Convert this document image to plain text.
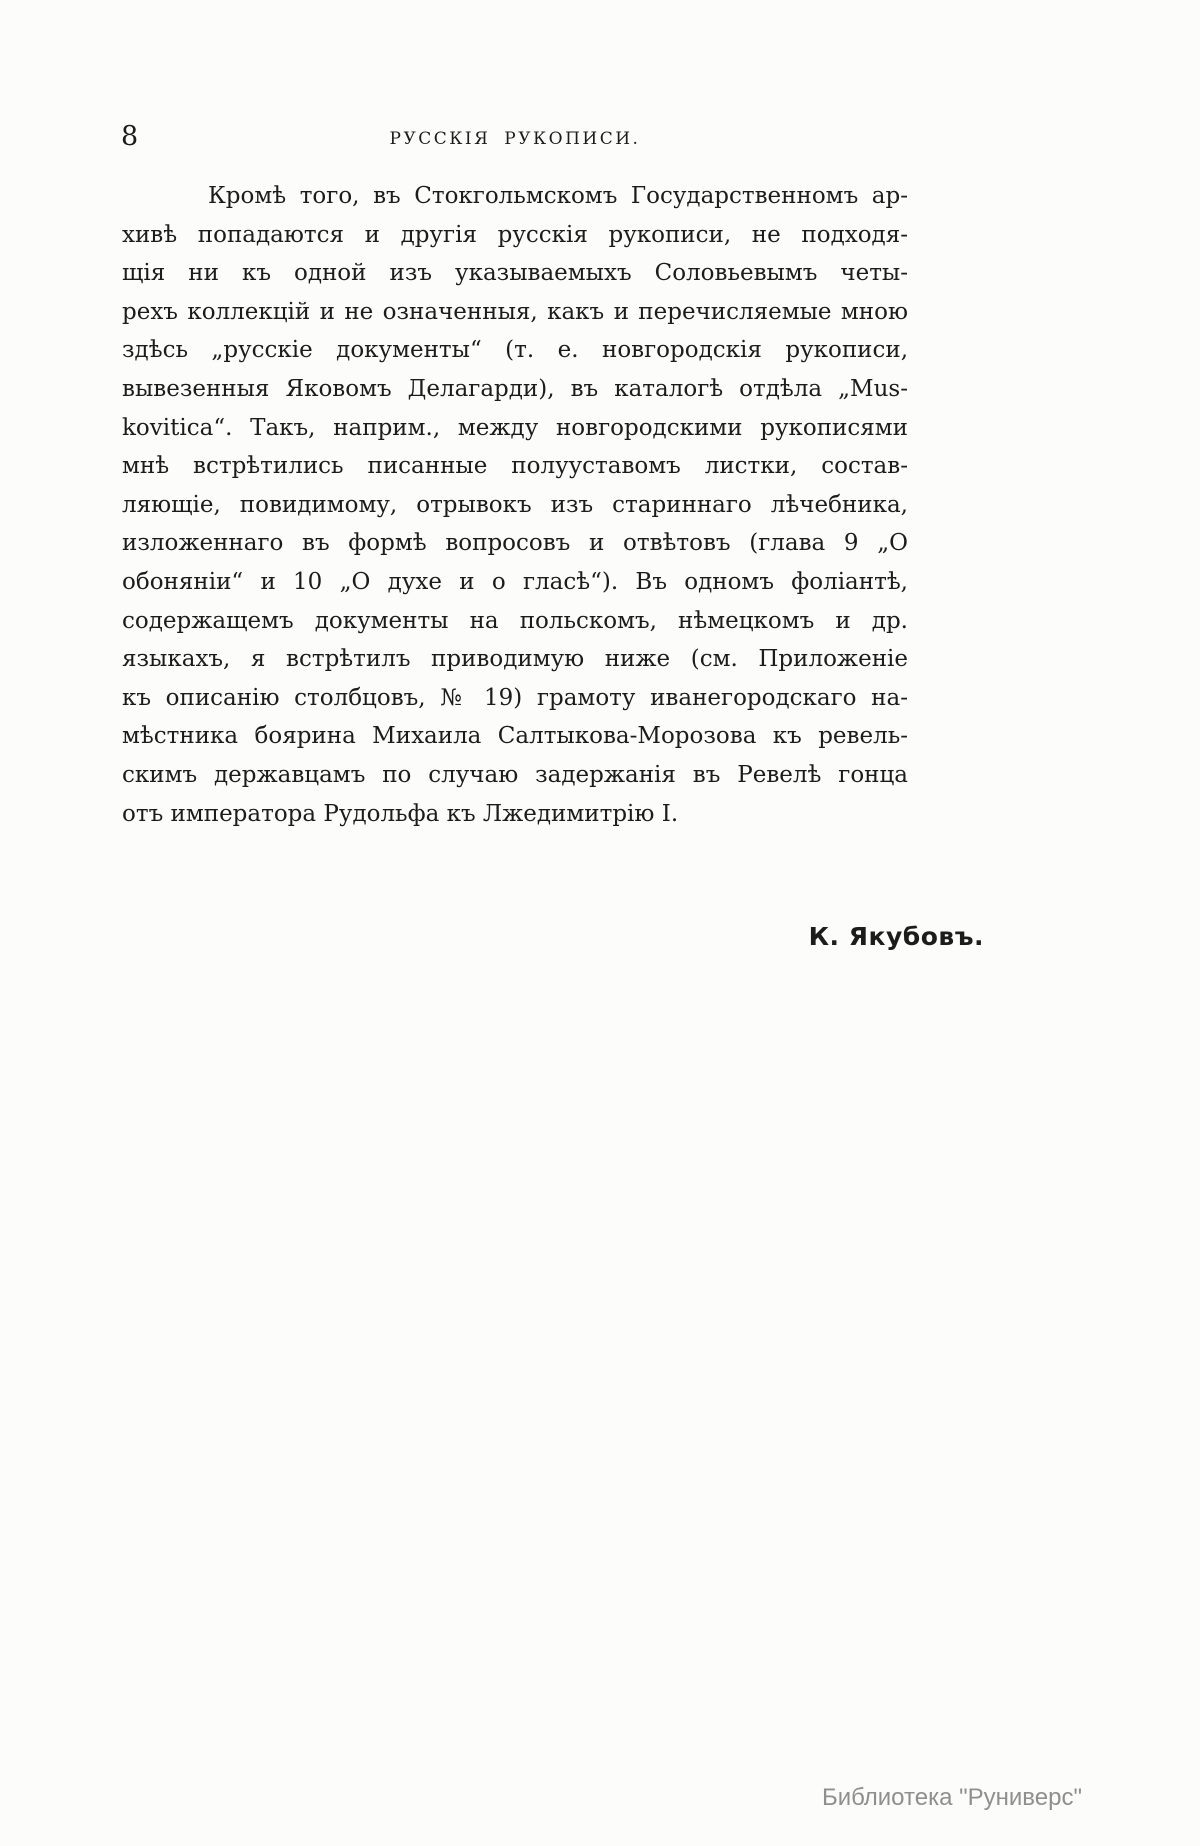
8	РУССКІЯ РУКОПИСИ.
Кромѣ того, въ Стокгольмскомъ Государственномъ ар-
хивѣ попадаются и другія русскія рукописи, не подходя-
щія ни къ одной изъ указываемыхъ Соловьевымъ четы-
рехъ коллекцій и не означенныя, какъ и перечисляемые мною
здѣсь „русскіе документы“ (т. е. новгородскія рукописи,
вывезенныя Яковомъ Делагарди), въ каталогѣ отдѣла „Mus-
kovitica“. Такъ, наприм., между новгородскими рукописями
мнѣ встрѣтились писанные полууставомъ листки, состав-
ляющіе, повидимому, отрывокъ изъ стариннаго лѣчебника,
изложеннаго въ формѣ вопросовъ и отвѣтовъ (глава 9 „О
обоняніи“ и 10 „О духе и о гласѣ“). Въ одномъ фоліантѣ,
содержащемъ документы на польскомъ, нѣмецкомъ и др.
языкахъ, я встрѣтилъ приводимую ниже (см. Приложеніе
къ описанію столбцовъ, № 19) грамоту иванегородскаго на-
мѣстника боярина Михаила Салтыкова-Морозова къ ревель-
скимъ державцамъ по случаю задержанія въ Ревелѣ гонца
отъ императора Рудольфа къ Лжедимитрію I.
К. Якубовъ.
Библиотека "Руниверс"
